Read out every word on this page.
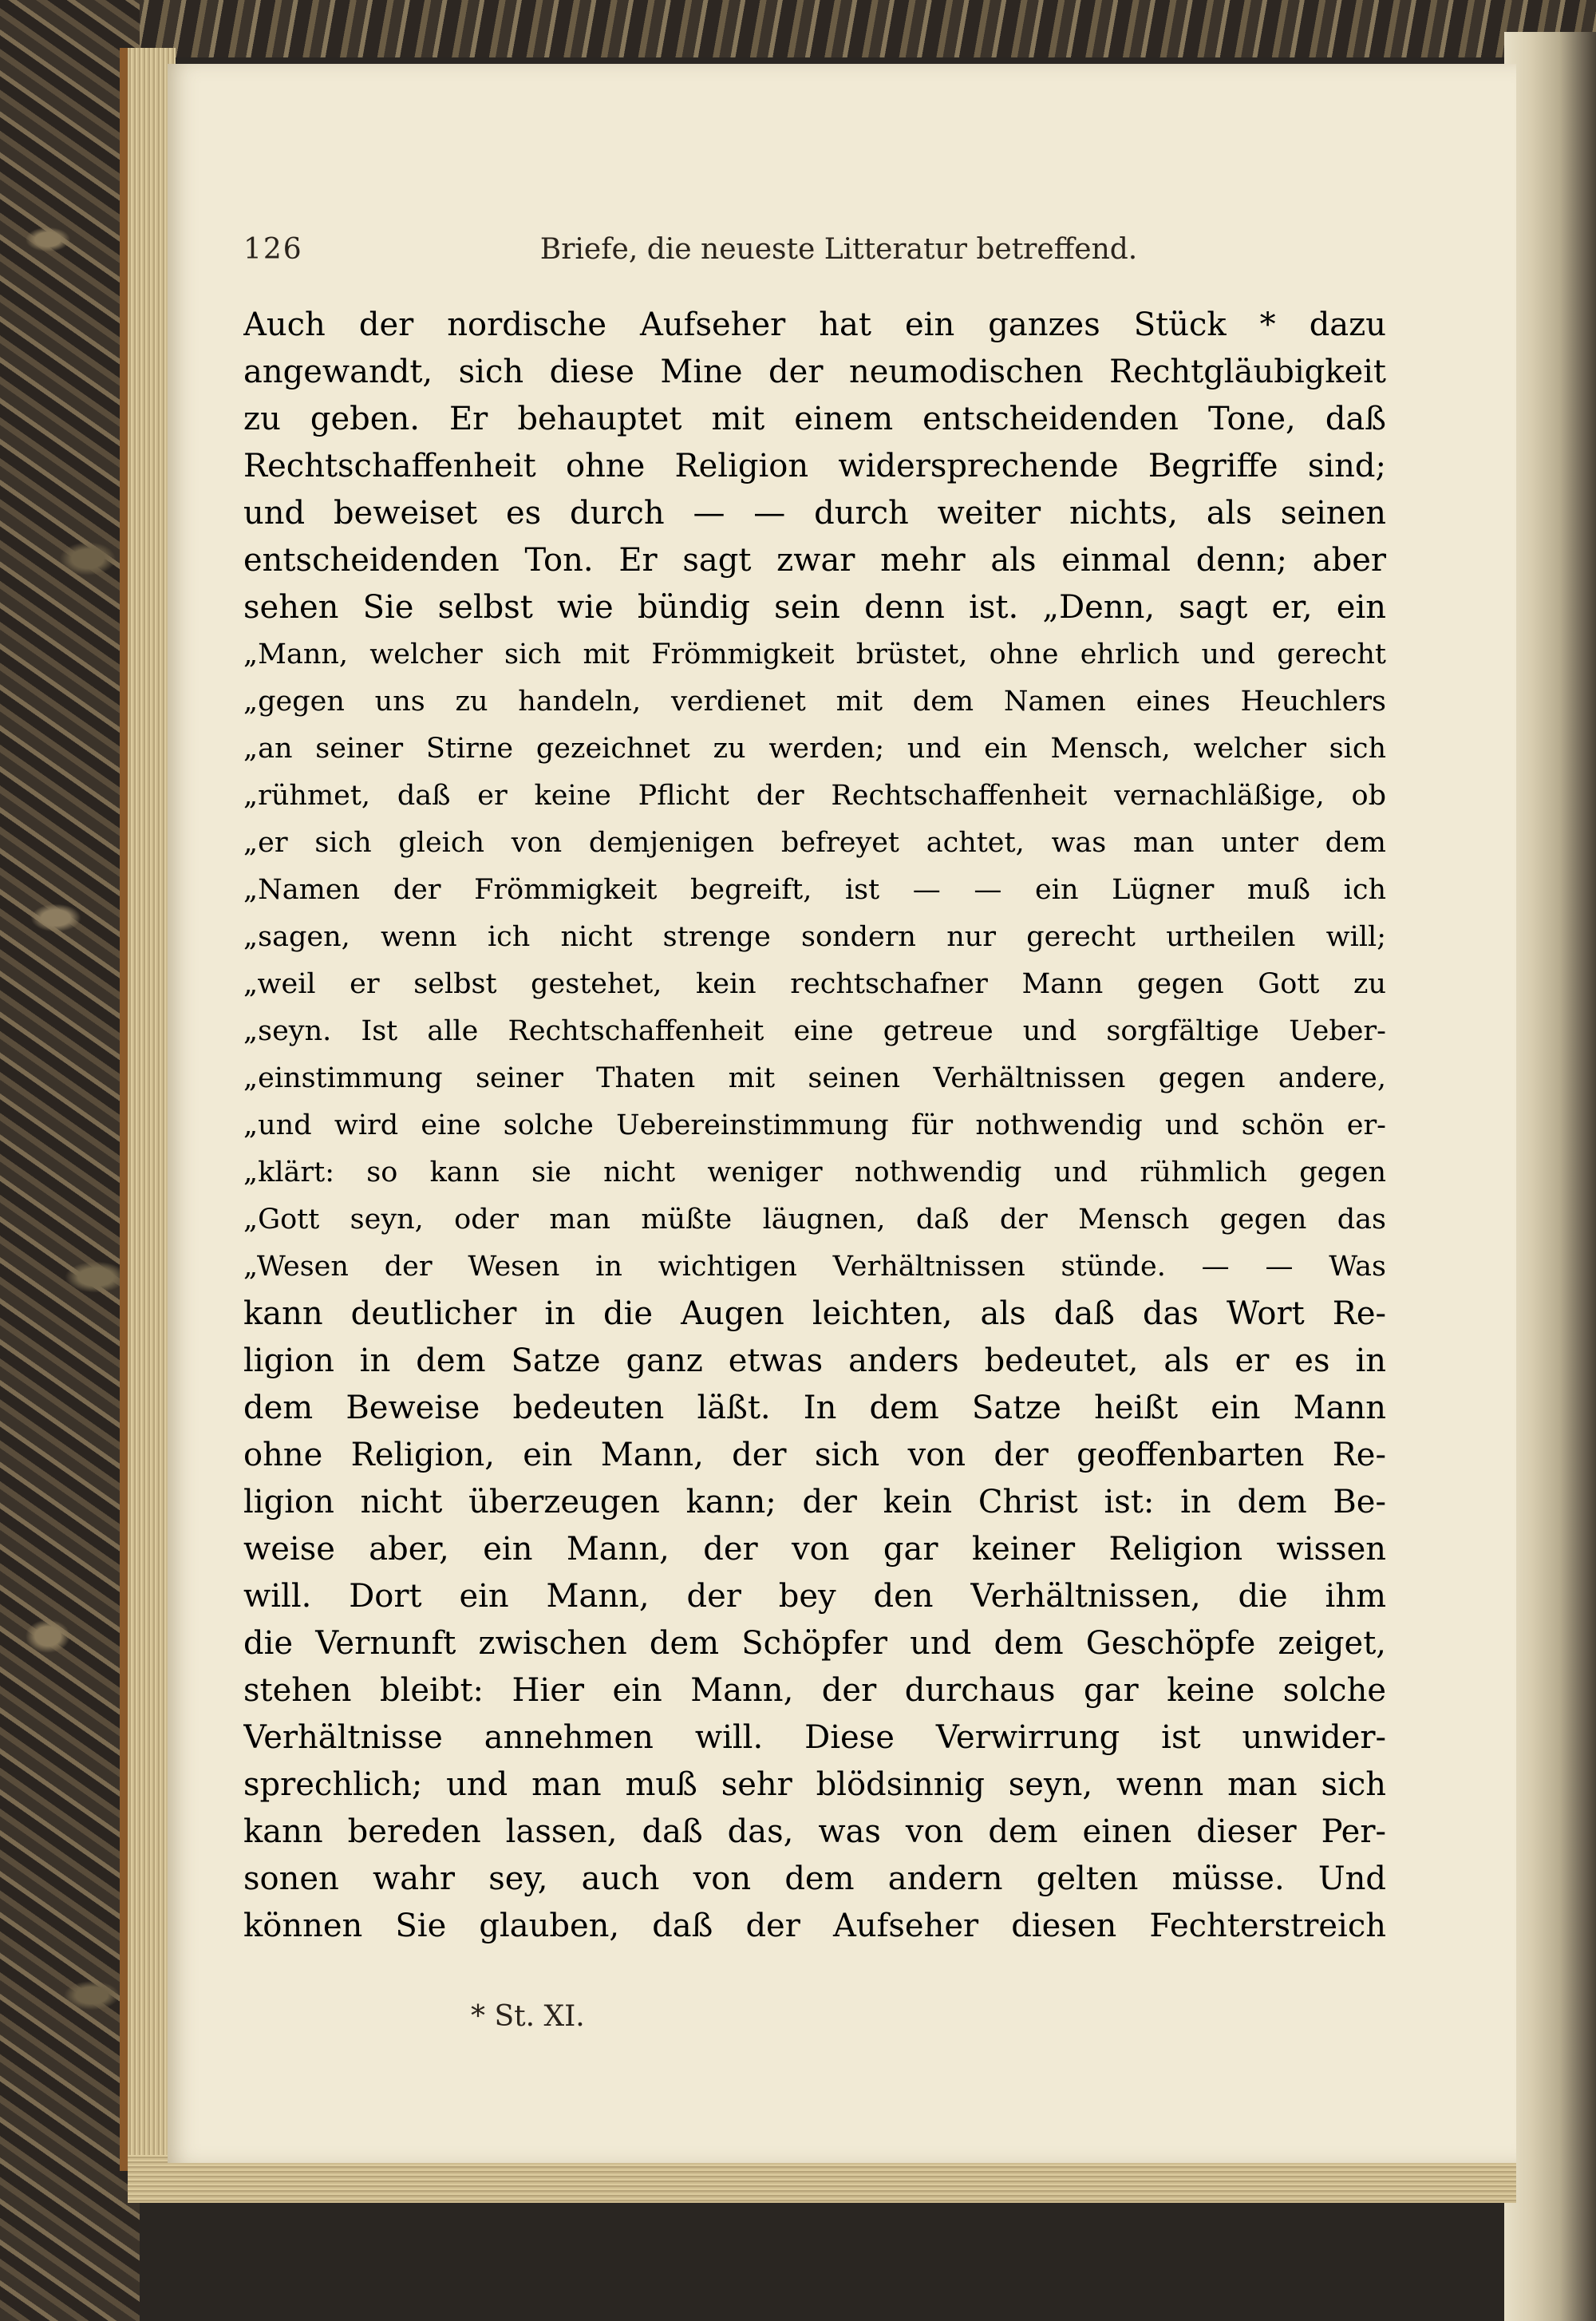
126	Briefe, die neueste Litteratur betreffend.
Auch der nordische Aufseher hat ein ganzes Stück * dazu
angewandt, sich diese Mine der neumodischen Rechtgläubigkeit
zu geben. Er behauptet mit einem entscheidenden Tone, daß
Rechtschaffenheit ohne Religion widersprechende Begriffe sind;
und beweiset es durch — — durch weiter nichts, als seinen
entscheidenden Ton. Er sagt zwar mehr als einmal denn; aber
sehen Sie selbst wie bündig sein denn ist. „Denn, sagt er, ein
„Mann, welcher sich mit Frömmigkeit brüstet, ohne ehrlich und gerecht
„gegen uns zu handeln, verdienet mit dem Namen eines Heuchlers
„an seiner Stirne gezeichnet zu werden; und ein Mensch, welcher sich
„rühmet, daß er keine Pflicht der Rechtschaffenheit vernachläßige, ob
„er sich gleich von demjenigen befreyet achtet, was man unter dem
„Namen der Frömmigkeit begreift, ist — — ein Lügner muß ich
„sagen, wenn ich nicht strenge sondern nur gerecht urtheilen will;
„weil er selbst gestehet, kein rechtschafner Mann gegen Gott zu
„seyn. Ist alle Rechtschaffenheit eine getreue und sorgfältige Ueber-
„einstimmung seiner Thaten mit seinen Verhältnissen gegen andere,
„und wird eine solche Uebereinstimmung für nothwendig und schön er-
„klärt: so kann sie nicht weniger nothwendig und rühmlich gegen
„Gott seyn, oder man müßte läugnen, daß der Mensch gegen das
„Wesen der Wesen in wichtigen Verhältnissen stünde. — — Was
kann deutlicher in die Augen leichten, als daß das Wort Re-
ligion in dem Satze ganz etwas anders bedeutet, als er es in
dem Beweise bedeuten läßt. In dem Satze heißt ein Mann
ohne Religion, ein Mann, der sich von der geoffenbarten Re-
ligion nicht überzeugen kann; der kein Christ ist: in dem Be-
weise aber, ein Mann, der von gar keiner Religion wissen
will. Dort ein Mann, der bey den Verhältnissen, die ihm
die Vernunft zwischen dem Schöpfer und dem Geschöpfe zeiget,
stehen bleibt: Hier ein Mann, der durchaus gar keine solche
Verhältnisse annehmen will. Diese Verwirrung ist unwider-
sprechlich; und man muß sehr blödsinnig seyn, wenn man sich
kann bereden lassen, daß das, was von dem einen dieser Per-
sonen wahr sey, auch von dem andern gelten müsse. Und
können Sie glauben, daß der Aufseher diesen Fechterstreich
* St. XI.
